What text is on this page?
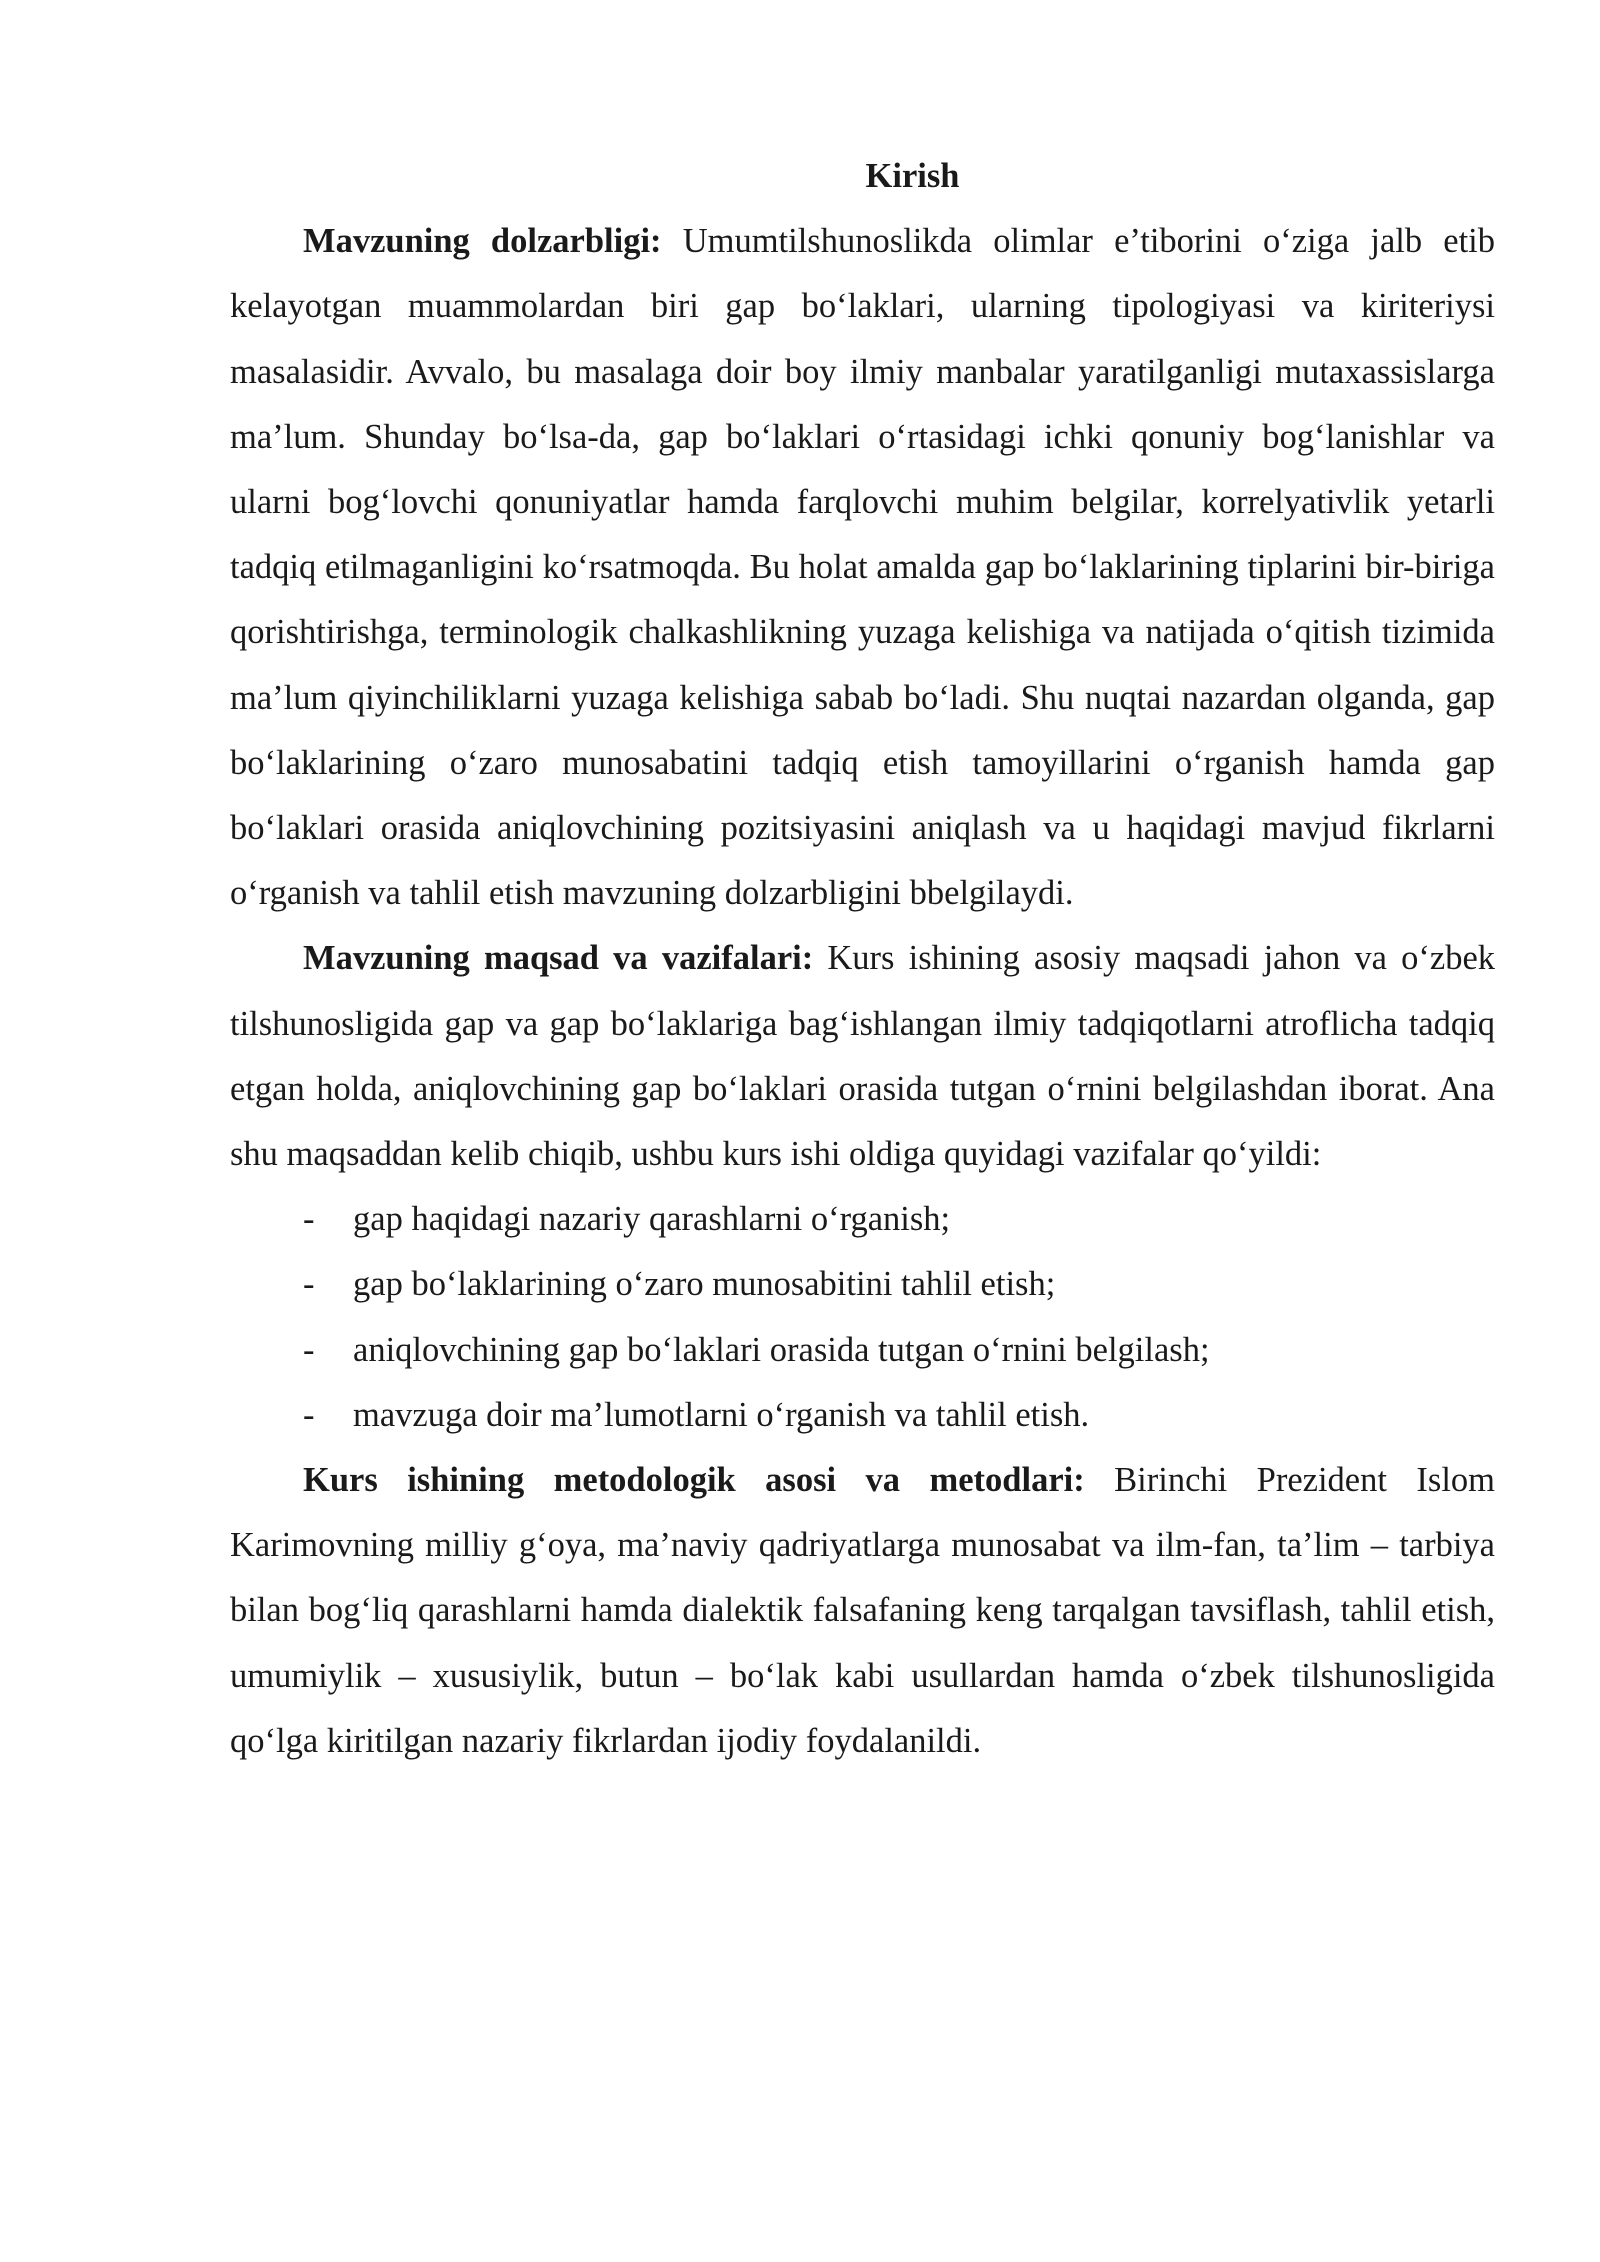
Kirish

Mavzuning dolzarbligi: Umumtilshunoslikda olimlar e’tiborini o‘ziga jalb etib kelayotgan muammolardan biri gap bo‘laklari, ularning tipologiyasi va kiriteriysi masalasidir. Avvalo, bu masalaga doir boy ilmiy manbalar yaratilganligi mutaxassislarga ma’lum. Shunday bo‘lsa-da, gap bo‘laklari o‘rtasidagi ichki qonuniy bog‘lanishlar va ularni bog‘lovchi qonuniyatlar hamda farqlovchi muhim belgilar, korrelyativlik yetarli tadqiq etilmaganligini ko‘rsatmoqda. Bu holat amalda gap bo‘laklarining tiplarini bir-biriga qorishtirishga, terminologik chalkashlikning yuzaga kelishiga va natijada o‘qitish tizimida ma’lum qiyinchiliklarni yuzaga kelishiga sabab bo‘ladi. Shu nuqtai nazardan olganda, gap bo‘laklarining o‘zaro munosabatini tadqiq etish tamoyillarini o‘rganish hamda gap bo‘laklari orasida aniqlovchining pozitsiyasini aniqlash va u haqidagi mavjud fikrlarni o‘rganish va tahlil etish mavzuning dolzarbligini bbelgilaydi.

Mavzuning maqsad va vazifalari: Kurs ishining asosiy maqsadi jahon va o‘zbek tilshunosligida gap va gap bo‘laklariga bag‘ishlangan ilmiy tadqiqotlarni atroflicha tadqiq etgan holda, aniqlovchining gap bo‘laklari orasida tutgan o‘rnini belgilashdan iborat. Ana shu maqsaddan kelib chiqib, ushbu kurs ishi oldiga quyidagi vazifalar qo‘yildi:

-	gap haqidagi nazariy qarashlarni o‘rganish;
-	gap bo‘laklarining o‘zaro munosabitini tahlil etish;
-	aniqlovchining gap bo‘laklari orasida tutgan o‘rnini belgilash;
-	mavzuga doir ma’lumotlarni o‘rganish va tahlil etish.

Kurs ishining metodologik asosi va metodlari: Birinchi Prezident Islom Karimovning milliy g‘oya, ma’naviy qadriyatlarga munosabat va ilm-fan, ta’lim – tarbiya bilan bog‘liq qarashlarni hamda dialektik falsafaning keng tarqalgan tavsiflash, tahlil etish, umumiylik – xususiylik, butun – bo‘lak kabi usullardan hamda o‘zbek tilshunosligida qo‘lga kiritilgan nazariy fikrlardan ijodiy foydalanildi.
